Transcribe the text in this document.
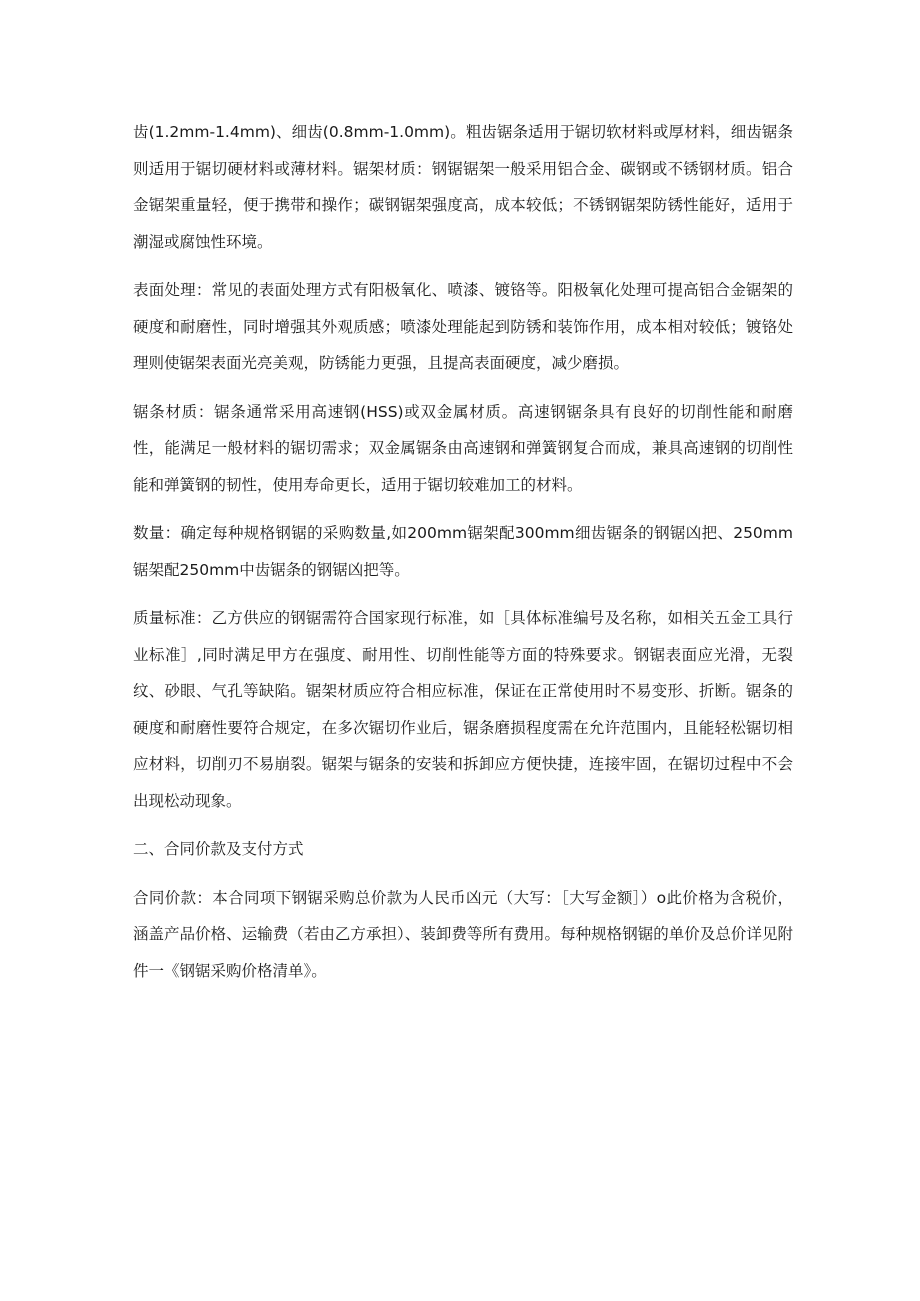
齿(1.2mm-1.4mm)、细齿(0.8mm-1.0mm)。粗齿锯条适用于锯切软材料或厚材料，细齿锯条则适用于锯切硬材料或薄材料。锯架材质：钢锯锯架一般采用铝合金、碳钢或不锈钢材质。铝合金锯架重量轻，便于携带和操作；碳钢锯架强度高，成本较低；不锈钢锯架防锈性能好，适用于潮湿或腐蚀性环境。

表面处理：常见的表面处理方式有阳极氧化、喷漆、镀铬等。阳极氧化处理可提高铝合金锯架的硬度和耐磨性，同时增强其外观质感；喷漆处理能起到防锈和装饰作用，成本相对较低；镀铬处理则使锯架表面光亮美观，防锈能力更强，且提高表面硬度，减少磨损。

锯条材质：锯条通常采用高速钢(HSS)或双金属材质。高速钢锯条具有良好的切削性能和耐磨性，能满足一般材料的锯切需求；双金属锯条由高速钢和弹簧钢复合而成，兼具高速钢的切削性能和弹簧钢的韧性，使用寿命更长，适用于锯切较难加工的材料。

数量：确定每种规格钢锯的采购数量,如200mm锯架配300mm细齿锯条的钢锯凶把、250mm锯架配250mm中齿锯条的钢锯凶把等。

质量标准：乙方供应的钢锯需符合国家现行标准，如［具体标准编号及名称，如相关五金工具行业标准］,同时满足甲方在强度、耐用性、切削性能等方面的特殊要求。钢锯表面应光滑，无裂纹、砂眼、气孔等缺陷。锯架材质应符合相应标准，保证在正常使用时不易变形、折断。锯条的硬度和耐磨性要符合规定，在多次锯切作业后，锯条磨损程度需在允许范围内，且能轻松锯切相应材料，切削刃不易崩裂。锯架与锯条的安装和拆卸应方便快捷，连接牢固，在锯切过程中不会出现松动现象。

二、合同价款及支付方式

合同价款：本合同项下钢锯采购总价款为人民币凶元（大写：［大写金额］）o此价格为含税价，涵盖产品价格、运输费（若由乙方承担）、装卸费等所有费用。每种规格钢锯的单价及总价详见附件一《钢锯采购价格清单》。
